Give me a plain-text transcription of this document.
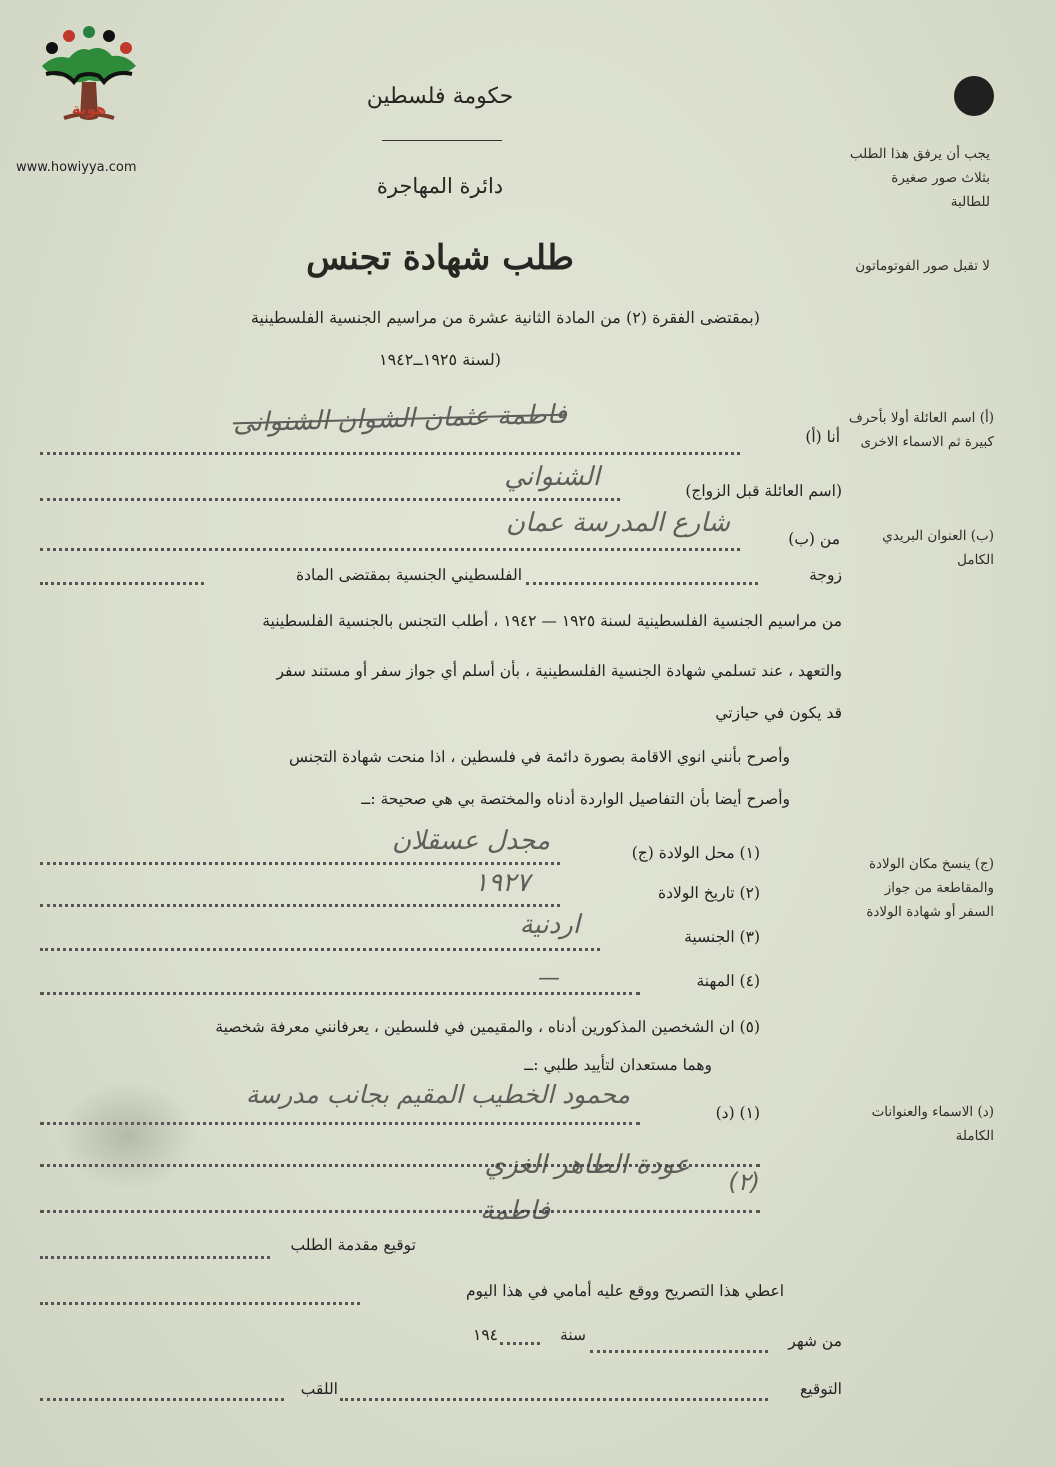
هوية
www.howiyya.com
حكومة فلسطين
دائرة المهاجرة
طلب شهادة تجنس
(بمقتضى الفقرة (٢) من المادة الثانية عشرة من مراسيم الجنسية الفلسطينية
لسنة ١٩٢٥ــ١٩٤٢)
يجب أن يرفق هذا الطلب بثلاث صور صغيرة للطالبة
لا تقبل صور الفوتوماتون
(أ) اسم العائلة أولا بأحرف كبيرة ثم الاسماء الاخرى
(ب) العنوان البريدي الكامل
(ج) ينسخ مكان الولادة والمقاطعة من جواز السفر أو شهادة الولادة
(د) الاسماء والعنوانات الكاملة
أنا (أ)
فاطمة عثمان الشوان الشنوانى
(اسم العائلة قبل الزواج)
الشنواني
من (ب)
شارع المدرسة عمان
زوجة
الفلسطيني الجنسية بمقتضى المادة
من مراسيم الجنسية الفلسطينية لسنة ١٩٢٥ — ١٩٤٢ ، أطلب التجنس بالجنسية الفلسطينية
والتعهد ، عند تسلمي شهادة الجنسية الفلسطينية ، بأن أسلم أي جواز سفر أو مستند سفر
قد يكون في حيازتي
وأصرح بأنني انوي الاقامة بصورة دائمة في فلسطين ، اذا منحت شهادة التجنس
وأصرح أيضا بأن التفاصيل الواردة أدناه والمختصة بي هي صحيحة :ــ
(١) محل الولادة (ج)
مجدل عسقلان
(٢) تاريخ الولادة
١٩٢٧
(٣) الجنسية
اردنية
(٤) المهنة
—
(٥) ان الشخصين المذكورين أدناه ، والمقيمين في فلسطين ، يعرفانني معرفة شخصية
وهما مستعدان لتأييد طلبي :ــ
(١) (د)
محمود الخطيب المقيم بجانب مدرسة
(٢)
عودة الطاهر الغزي
فاطمة
توقيع مقدمة الطلب
اعطي هذا التصريح ووقع عليه أمامي في هذا اليوم
من شهر
سنة
١٩٤
التوقيع
اللقب
